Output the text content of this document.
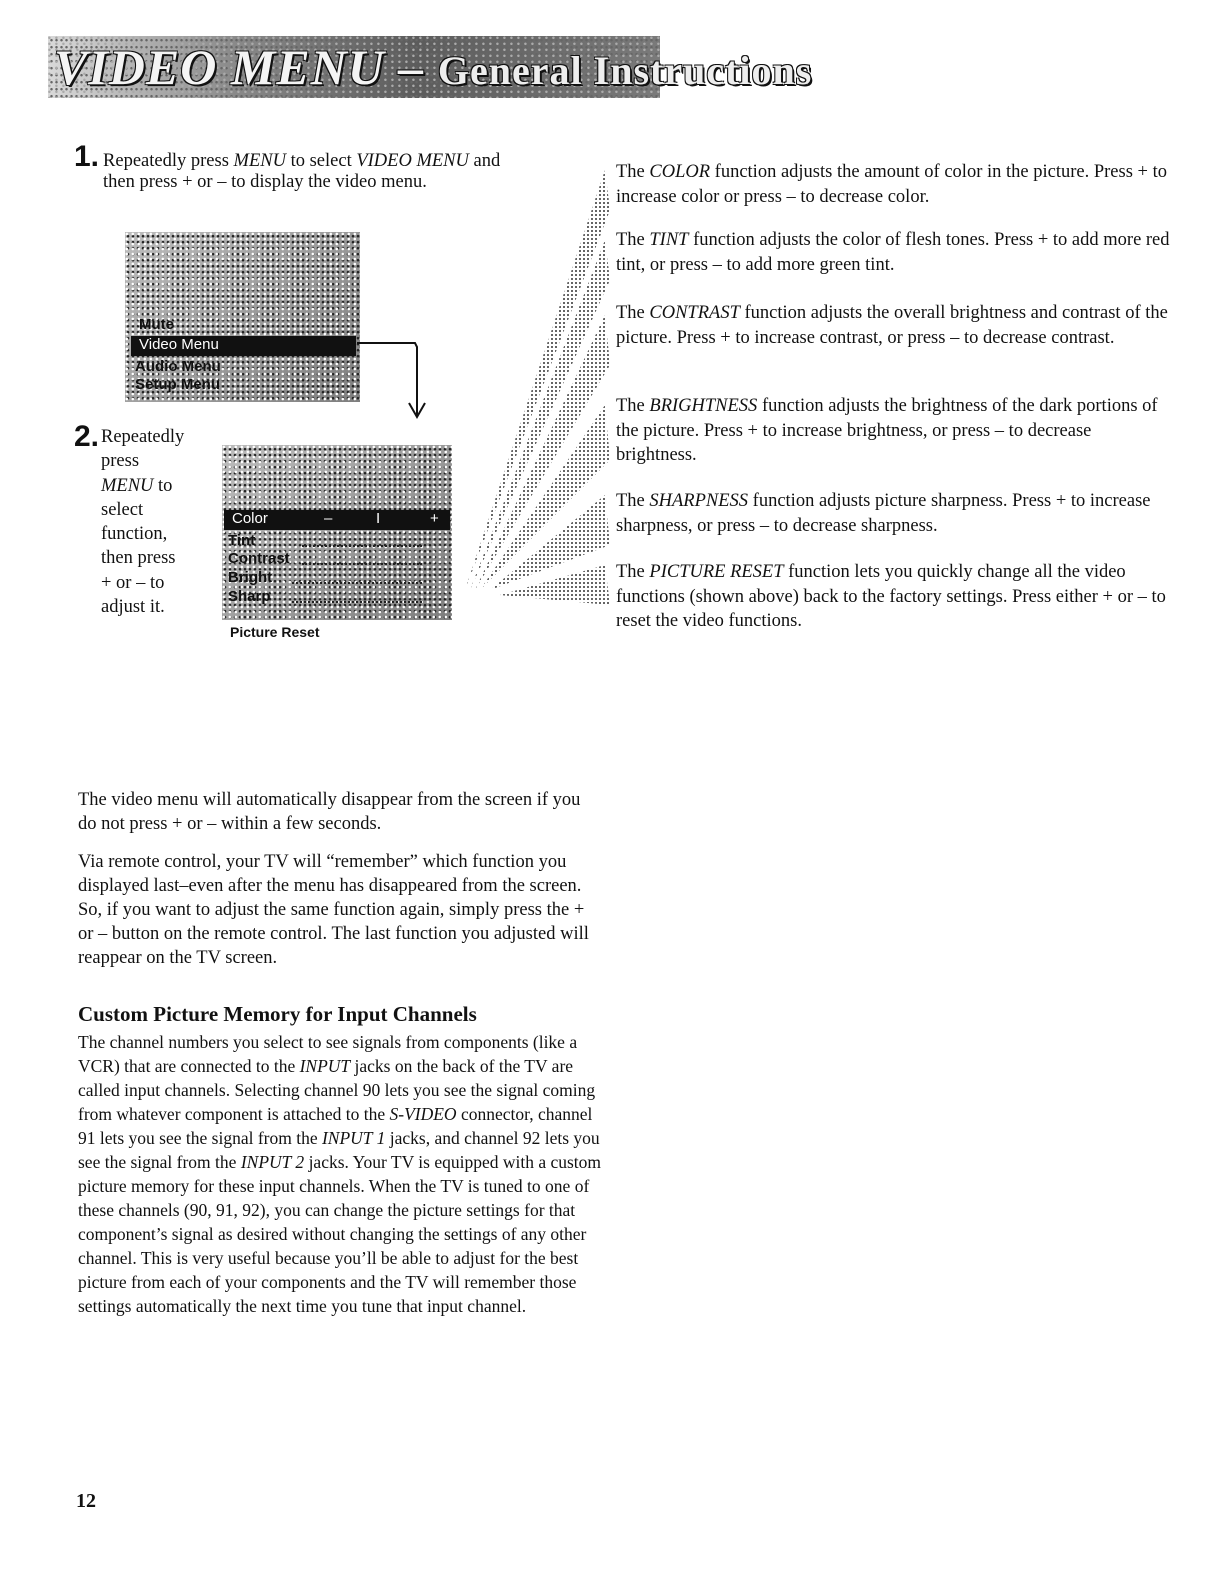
VIDEO MENU – General Instructions
1. Repeatedly press MENU to select VIDEO MENU and
then press + or – to display the video menu.
Mute
Video Menu
Audio Menu
Setup Menu
2. Repeatedly
press
MENU to
select
function,
then press
+ or – to
adjust it.
Color	–	I	+
Tint
Contrast
Bright
Sharp
Picture Reset
The COLOR function adjusts the amount of color in the picture. Press + to increase color or press – to decrease color.
The TINT function adjusts the color of flesh tones. Press + to add more red tint, or press – to add more green tint.
The CONTRAST function adjusts the overall brightness and contrast of the picture. Press + to increase contrast, or press – to decrease contrast.
The BRIGHTNESS function adjusts the brightness of the dark portions of the picture. Press + to increase brightness, or press – to decrease brightness.
The SHARPNESS function adjusts picture sharpness. Press + to increase sharpness, or press – to decrease sharpness.
The PICTURE RESET function lets you quickly change all the video functions (shown above) back to the factory settings. Press either + or – to reset the video functions.
The video menu will automatically disappear from the screen if you do not press + or – within a few seconds.
Via remote control, your TV will “remember” which function you displayed last–even after the menu has disappeared from the screen. So, if you want to adjust the same function again, simply press the + or – button on the remote control. The last function you adjusted will reappear on the TV screen.
Custom Picture Memory for Input Channels
The channel numbers you select to see signals from components (like a VCR) that are connected to the INPUT jacks on the back of the TV are called input channels. Selecting channel 90 lets you see the signal coming from whatever component is attached to the S-VIDEO connector, channel 91 lets you see the signal from the INPUT 1 jacks, and channel 92 lets you see the signal from the INPUT 2 jacks. Your TV is equipped with a custom picture memory for these input channels. When the TV is tuned to one of these channels (90, 91, 92), you can change the picture settings for that component’s signal as desired without changing the settings of any other channel. This is very useful because you’ll be able to adjust for the best picture from each of your components and the TV will remember those settings automatically the next time you tune that input channel.
12
